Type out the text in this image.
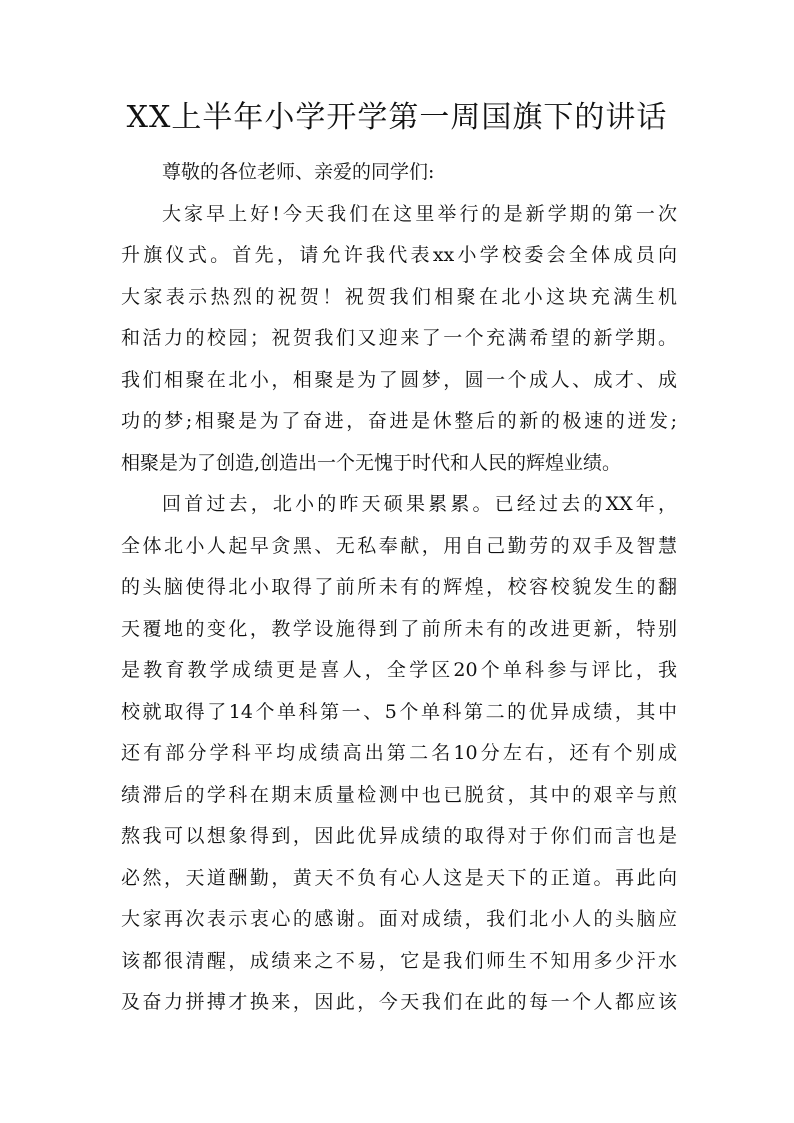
XX上半年小学开学第一周国旗下的讲话
尊敬的各位老师、亲爱的同学们:
大家早上好!今天我们在这里举行的是新学期的第一次
升旗仪式。首先，请允许我代表xx小学校委会全体成员向
大家表示热烈的祝贺！祝贺我们相聚在北小这块充满生机
和活力的校园；祝贺我们又迎来了一个充满希望的新学期。
我们相聚在北小，相聚是为了圆梦，圆一个成人、成才、成
功的梦;相聚是为了奋进，奋进是休整后的新的极速的迸发;
相聚是为了创造,创造出一个无愧于时代和人民的辉煌业绩。
回首过去，北小的昨天硕果累累。已经过去的XX年，
全体北小人起早贪黑、无私奉献，用自己勤劳的双手及智慧
的头脑使得北小取得了前所未有的辉煌，校容校貌发生的翻
天覆地的变化，教学设施得到了前所未有的改进更新，特别
是教育教学成绩更是喜人，全学区20个单科参与评比，我
校就取得了14个单科第一、5个单科第二的优异成绩，其中
还有部分学科平均成绩高出第二名10分左右，还有个别成
绩滞后的学科在期末质量检测中也已脱贫，其中的艰辛与煎
熬我可以想象得到，因此优异成绩的取得对于你们而言也是
必然，天道酬勤，黄天不负有心人这是天下的正道。再此向
大家再次表示衷心的感谢。面对成绩，我们北小人的头脑应
该都很清醒，成绩来之不易，它是我们师生不知用多少汗水
及奋力拼搏才换来，因此，今天我们在此的每一个人都应该
